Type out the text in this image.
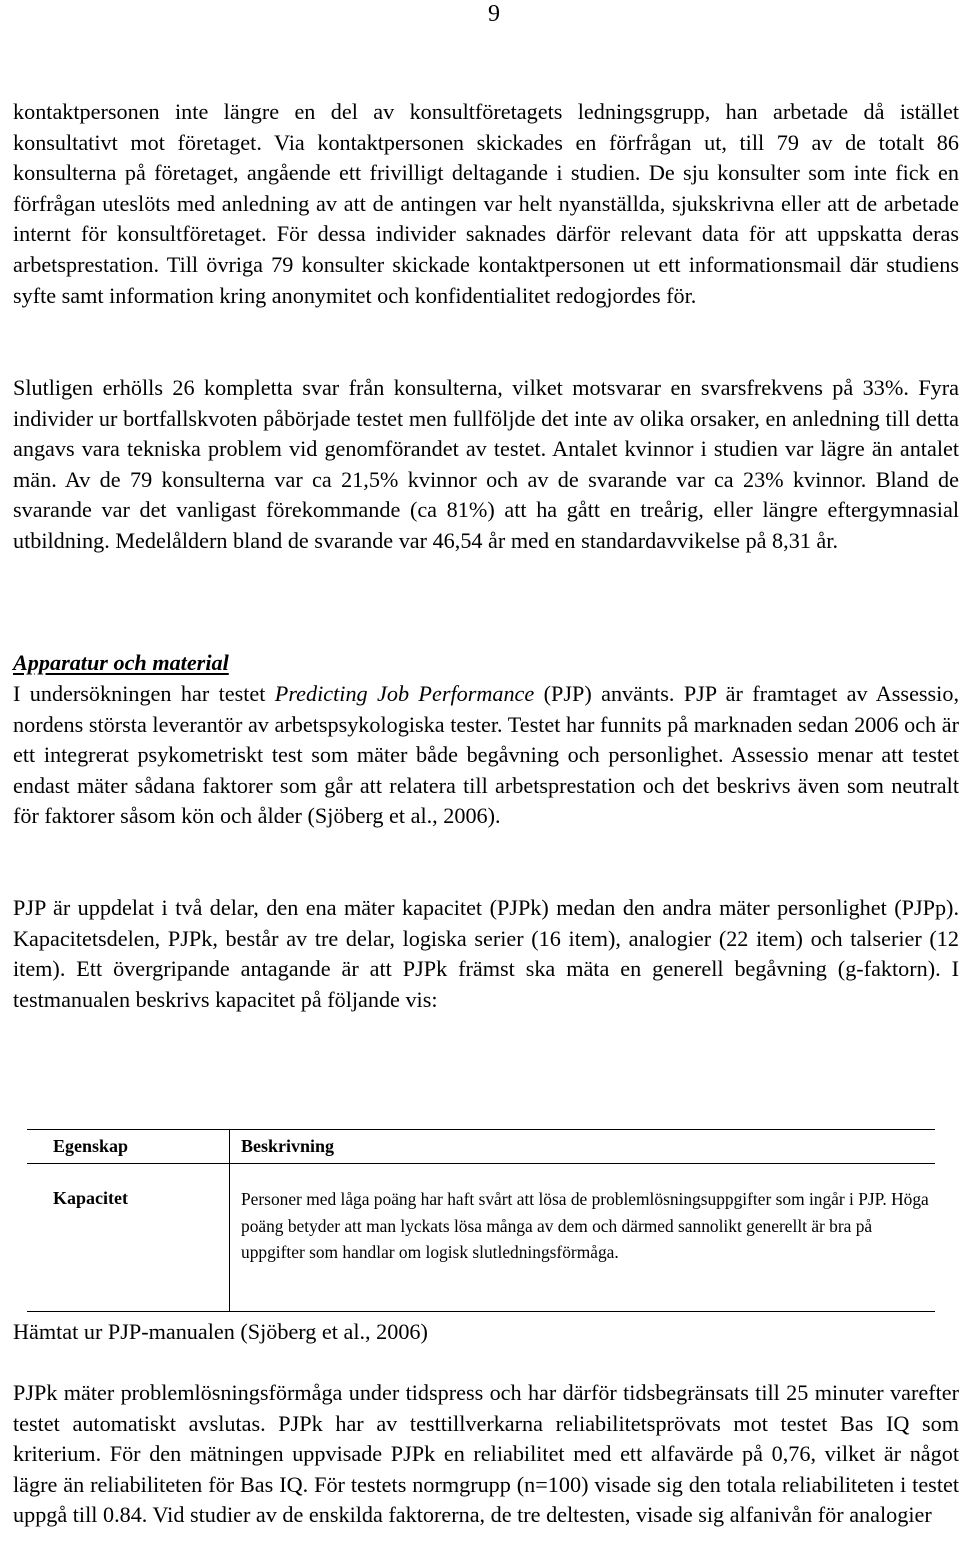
9

kontaktpersonen inte längre en del av konsultföretagets ledningsgrupp, han arbetade då istället konsultativt mot företaget. Via kontaktpersonen skickades en förfrågan ut, till 79 av de totalt 86 konsulterna på företaget, angående ett frivilligt deltagande i studien. De sju konsulter som inte fick en förfrågan uteslöts med anledning av att de antingen var helt nyanställda, sjukskrivna eller att de arbetade internt för konsultföretaget. För dessa individer saknades därför relevant data för att uppskatta deras arbetsprestation. Till övriga 79 konsulter skickade kontaktpersonen ut ett informationsmail där studiens syfte samt information kring anonymitet och konfidentialitet redogjordes för.

Slutligen erhölls 26 kompletta svar från konsulterna, vilket motsvarar en svarsfrekvens på 33%. Fyra individer ur bortfallskvoten påbörjade testet men fullföljde det inte av olika orsaker, en anledning till detta angavs vara tekniska problem vid genomförandet av testet. Antalet kvinnor i studien var lägre än antalet män. Av de 79 konsulterna var ca 21,5% kvinnor och av de svarande var ca 23% kvinnor. Bland de svarande var det vanligast förekommande (ca 81%) att ha gått en treårig, eller längre eftergymnasial utbildning. Medelåldern bland de svarande var 46,54 år med en standardavvikelse på 8,31 år.

Apparatur och material

I undersökningen har testet Predicting Job Performance (PJP) använts. PJP är framtaget av Assessio, nordens största leverantör av arbetspsykologiska tester. Testet har funnits på marknaden sedan 2006 och är ett integrerat psykometriskt test som mäter både begåvning och personlighet. Assessio menar att testet endast mäter sådana faktorer som går att relatera till arbetsprestation och det beskrivs även som neutralt för faktorer såsom kön och ålder (Sjöberg et al., 2006).

PJP är uppdelat i två delar, den ena mäter kapacitet (PJPk) medan den andra mäter personlighet (PJPp). Kapacitetsdelen, PJPk, består av tre delar, logiska serier (16 item), analogier (22 item) och talserier (12 item). Ett övergripande antagande är att PJPk främst ska mäta en generell begåvning (g-faktorn). I testmanualen beskrivs kapacitet på följande vis:

Egenskap	Beskrivning
Kapacitet	Personer med låga poäng har haft svårt att lösa de problemlösningsuppgifter som ingår i PJP. Höga poäng betyder att man lyckats lösa många av dem och därmed sannolikt generellt är bra på uppgifter som handlar om logisk slutledningsförmåga.

Hämtat ur PJP-manualen (Sjöberg et al., 2006)

PJPk mäter problemlösningsförmåga under tidspress och har därför tidsbegränsats till 25 minuter varefter testet automatiskt avslutas. PJPk har av testtillverkarna reliabilitetsprövats mot testet Bas IQ som kriterium. För den mätningen uppvisade PJPk en reliabilitet med ett alfavärde på 0,76, vilket är något lägre än reliabiliteten för Bas IQ. För testets normgrupp (n=100) visade sig den totala reliabiliteten i testet uppgå till 0.84. Vid studier av de enskilda faktorerna, de tre deltesten, visade sig alfanivån för analogier
